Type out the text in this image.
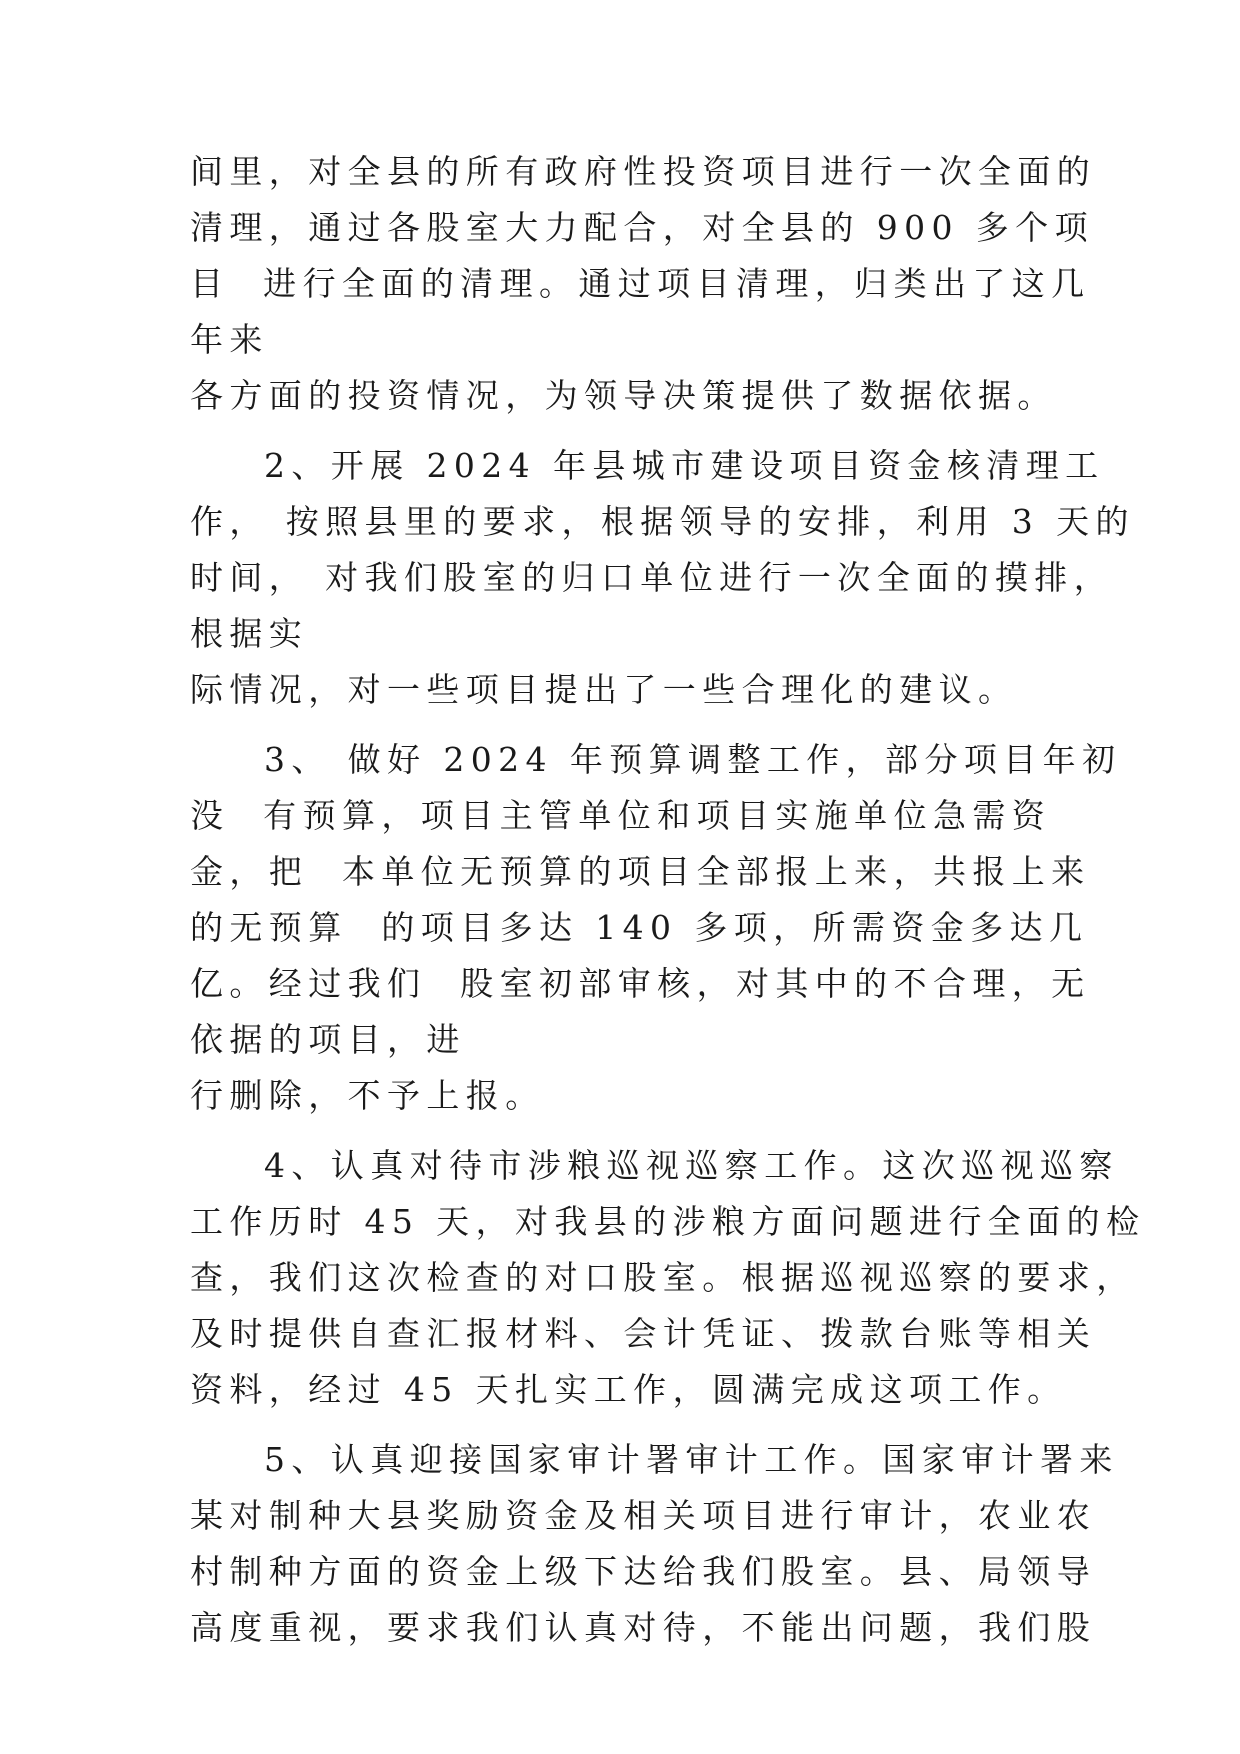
间里，对全县的所有政府性投资项目进行一次全面的
清理，通过各股室大力配合，对全县的 900 多个项
目  进行全面的清理。通过项目清理，归类出了这几
年来
各方面的投资情况，为领导决策提供了数据依据。
2、开展 2024 年县城市建设项目资金核清理工
作， 按照县里的要求，根据领导的安排，利用 3 天的
时间， 对我们股室的归口单位进行一次全面的摸排，
根据实
际情况，对一些项目提出了一些合理化的建议。
3、 做好 2024 年预算调整工作，部分项目年初
没  有预算，项目主管单位和项目实施单位急需资
金，把  本单位无预算的项目全部报上来，共报上来
的无预算  的项目多达 140 多项，所需资金多达几
亿。经过我们  股室初部审核，对其中的不合理，无
依据的项目，进
行删除，不予上报。
4、认真对待市涉粮巡视巡察工作。这次巡视巡察
工作历时 45 天，对我县的涉粮方面问题进行全面的检
查，我们这次检查的对口股室。根据巡视巡察的要求，
及时提供自查汇报材料、会计凭证、拨款台账等相关
资料，经过 45 天扎实工作，圆满完成这项工作。
5、认真迎接国家审计署审计工作。国家审计署来
某对制种大县奖励资金及相关项目进行审计，农业农
村制种方面的资金上级下达给我们股室。县、局领导
高度重视，要求我们认真对待，不能出问题，我们股
